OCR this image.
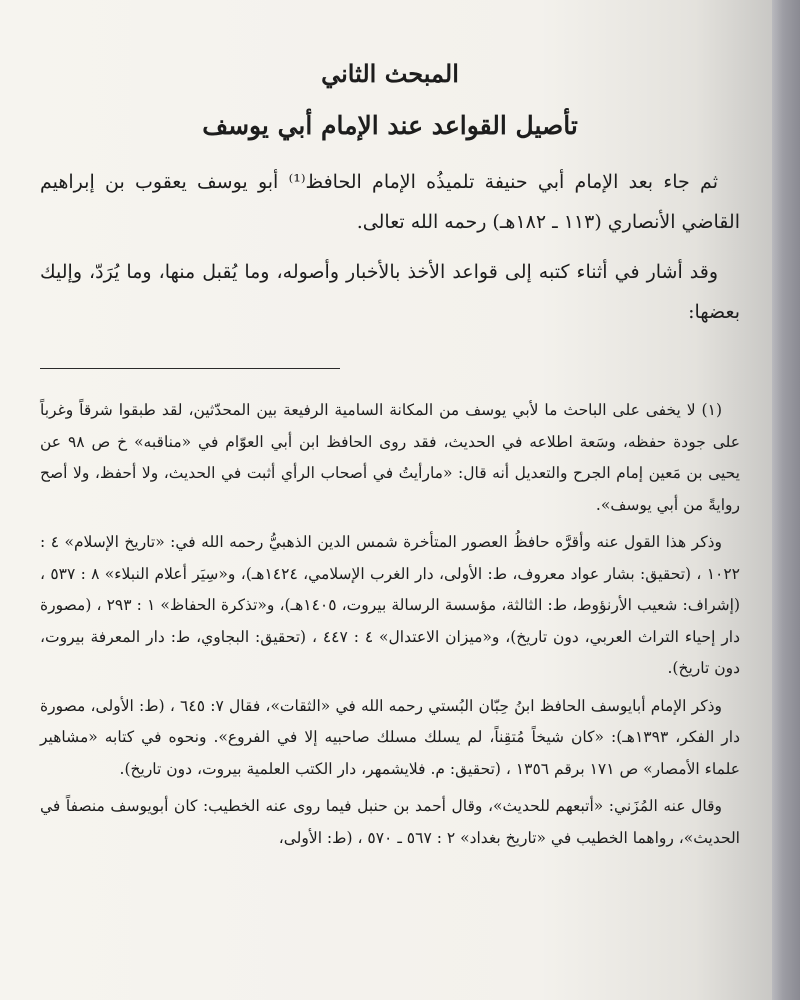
المبحث الثاني
تأصيل القواعد عند الإمام أبي يوسف

ثم جاء بعد الإمام أبي حنيفة تلميذُه الإمام الحافظ⁽¹⁾ أبو يوسف يعقوب بن إبراهيم القاضي الأنصاري (١١٣ ـ ١٨٢هـ) رحمه الله تعالى.

وقد أشار في أثناء كتبه إلى قواعد الأخذ بالأخبار وأصوله، وما يُقبل منها، وما يُرَدّ، وإليك بعضها:

(١) لا يخفى على الباحث ما لأبي يوسف من المكانة السامية الرفيعة بين المحدّثين، لقد طبقوا شرقاً وغرباً على جودة حفظه، وسَعة اطلاعه في الحديث، فقد روى الحافظ ابن أبي العوّام في «مناقبه» خ ص ٩٨ عن يحيى بن مَعين إمام الجرح والتعديل أنه قال: «مارأيتُ في أصحاب الرأي أثبت في الحديث، ولا أحفظ، ولا أصح روايةً من أبي يوسف».

وذكر هذا القول عنه وأقرَّه حافظُ العصور المتأخرة شمس الدين الذهبيُّ رحمه الله في: «تاريخ الإسلام» ٤ : ١٠٢٢ ، (تحقيق: بشار عواد معروف، ط: الأولى، دار الغرب الإسلامي، ١٤٢٤هـ)، و«سِيَر أعلام النبلاء» ٨ : ٥٣٧ ، (إشراف: شعيب الأرنؤوط، ط: الثالثة، مؤسسة الرسالة بيروت، ١٤٠٥هـ)، و«تذكرة الحفاظ» ١ : ٢٩٣ ، (مصورة دار إحياء التراث العربي، دون تاريخ)، و«ميزان الاعتدال» ٤ : ٤٤٧ ، (تحقيق: البجاوي، ط: دار المعرفة بيروت، دون تاريخ).

وذكر الإمام أبايوسف الحافظ ابنُ حِبّان البُستي رحمه الله في «الثقات»، فقال ٧: ٦٤٥ ، (ط: الأولى، مصورة دار الفكر، ١٣٩٣هـ): «كان شيخاً مُتقِناً، لم يسلك مسلك صاحبيه إلا في الفروع». ونحوه في كتابه «مشاهير علماء الأمصار» ص ١٧١ برقم ١٣٥٦ ، (تحقيق: م. فلايشمهر، دار الكتب العلمية بيروت، دون تاريخ).

وقال عنه المُزَني: «أتبعهم للحديث»، وقال أحمد بن حنبل فيما روى عنه الخطيب: كان أبويوسف منصفاً في الحديث»، رواهما الخطيب في «تاريخ بغداد» ٢ : ٥٦٧ ـ ٥٧٠ ، (ط: الأولى،
